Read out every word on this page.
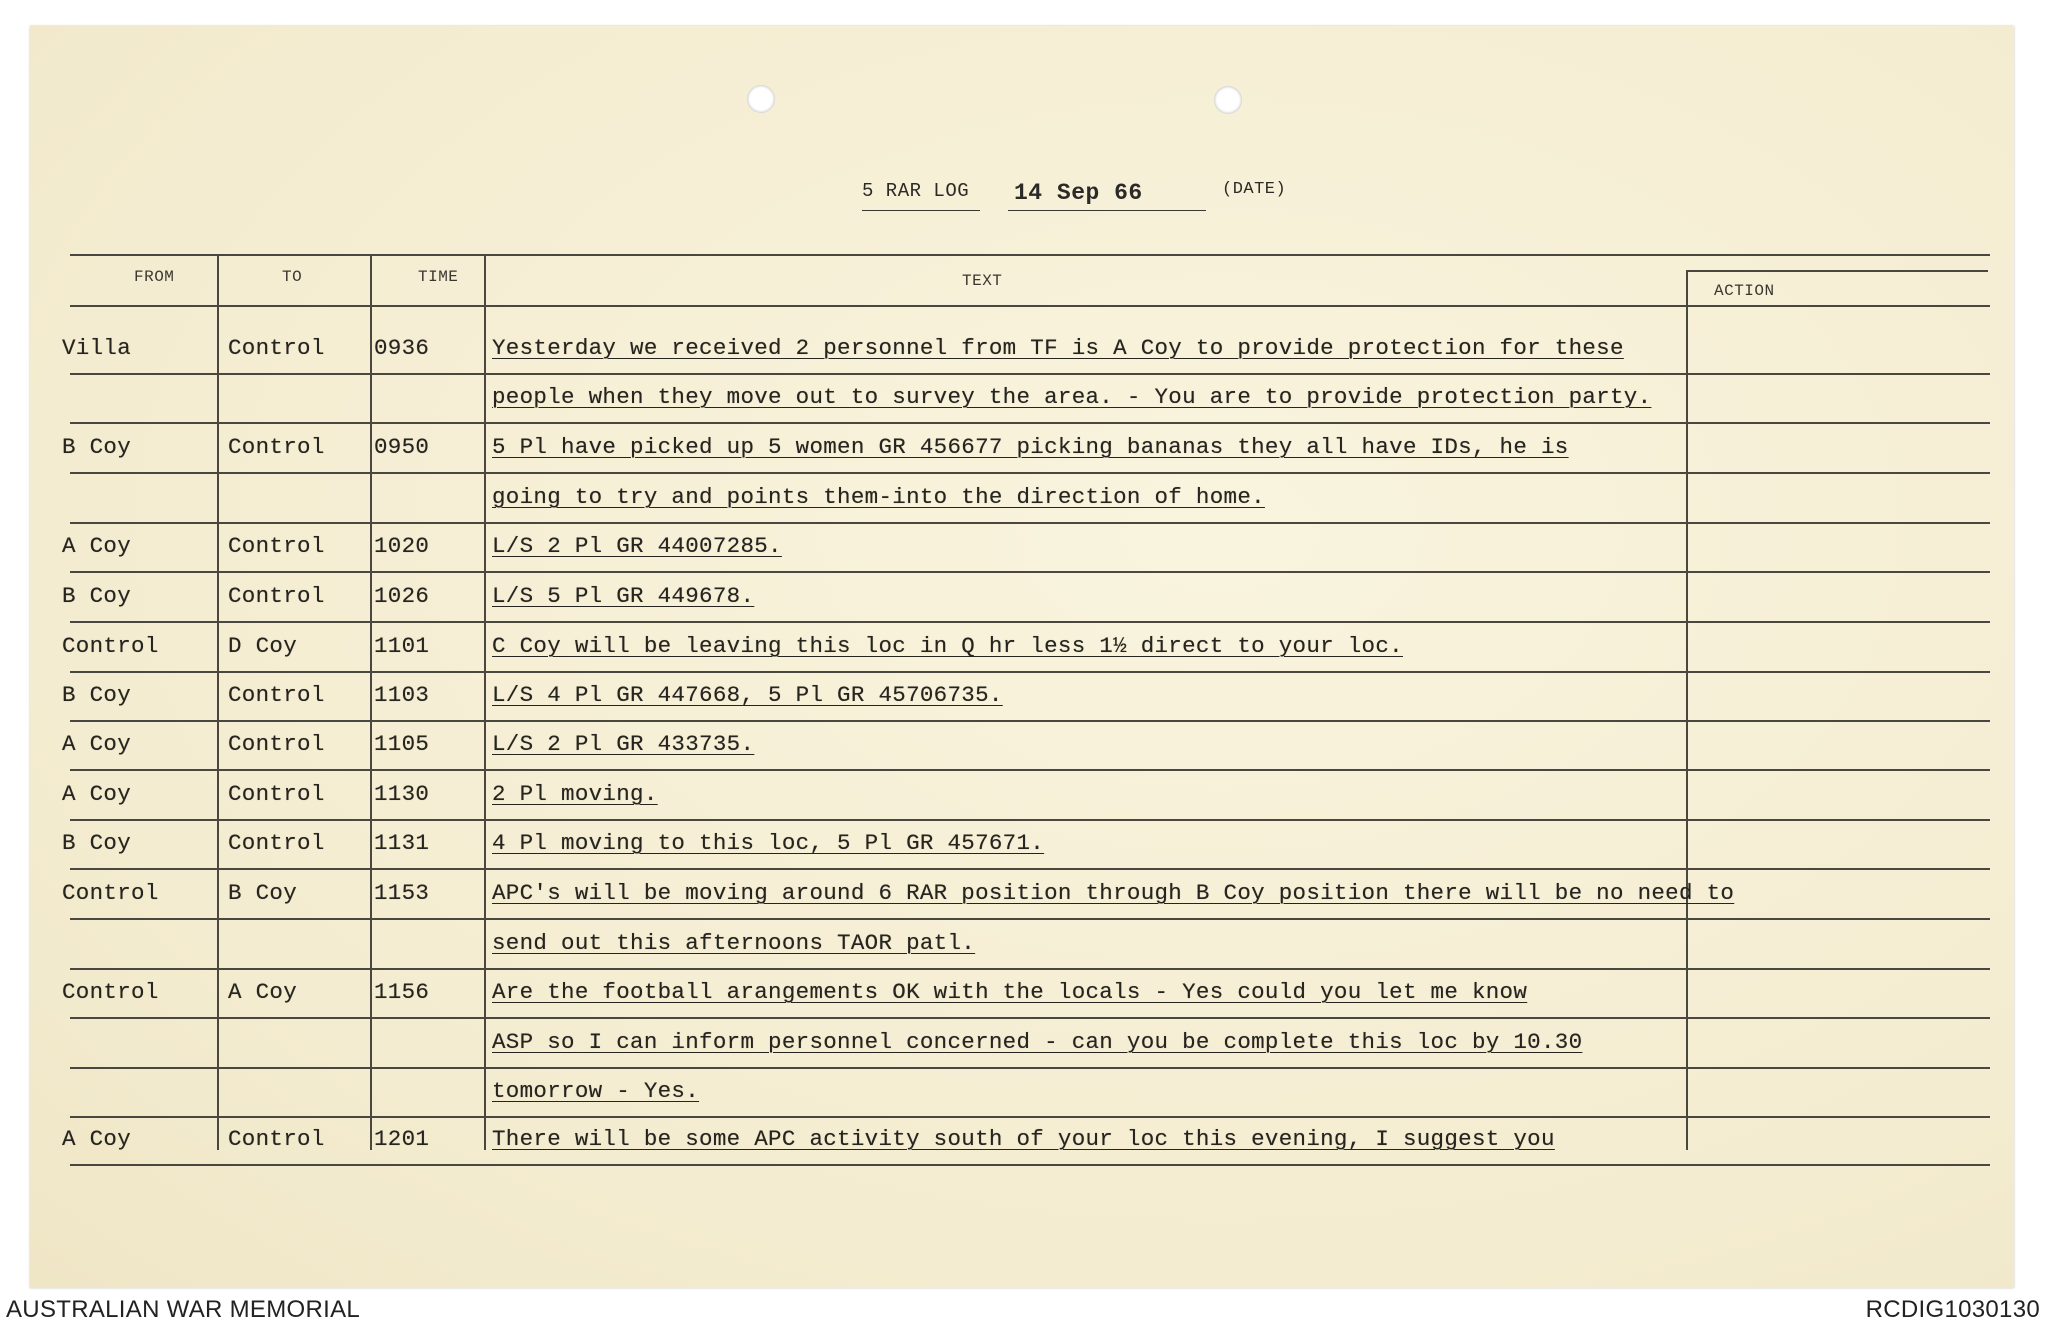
5 RAR LOG 14 Sep 66	(DATE)
FROM	TO	TIME	TEXT
ACTION
Villa	Control 0936	Yesterday we received 2 personnel from TF is A Coy to provide protection for these
people when they move out to survey the area. - You are to provide protection party.
B Coy	Control 0950	5 Pl have picked up 5 women GR 456677 picking bananas they all have IDs, he is
going to try and points them-into the direction of home.
A Coy	Control 1020	L/S 2 Pl GR 44007285.
B Coy	Control 1026	L/S 5 Pl GR 449678.
Control	D Coy	1101	C Coy will be leaving this loc in Q hr less 1½ direct to your loc.
B Coy	Control 1103	L/S 4 Pl GR 447668, 5 Pl GR 45706735.
A Coy	Control 1105	L/S 2 Pl GR 433735.
A Coy	Control 1130	2 Pl moving.
B Coy	Control 1131	4 Pl moving to this loc, 5 Pl GR 457671.
Control	B Coy	1153	APC's will be moving around 6 RAR position through B Coy position there will be no need to
send out this afternoons TAOR patl.
Control	A Coy	1156	Are the football arangements OK with the locals - Yes could you let me know
ASP so I can inform personnel concerned - can you be complete this loc by 10.30
tomorrow - Yes.
A Coy	Control 1201	There will be some APC activity south of your loc this evening, I suggest you
AUSTRALIAN WAR MEMORIAL	RCDIG1030130
